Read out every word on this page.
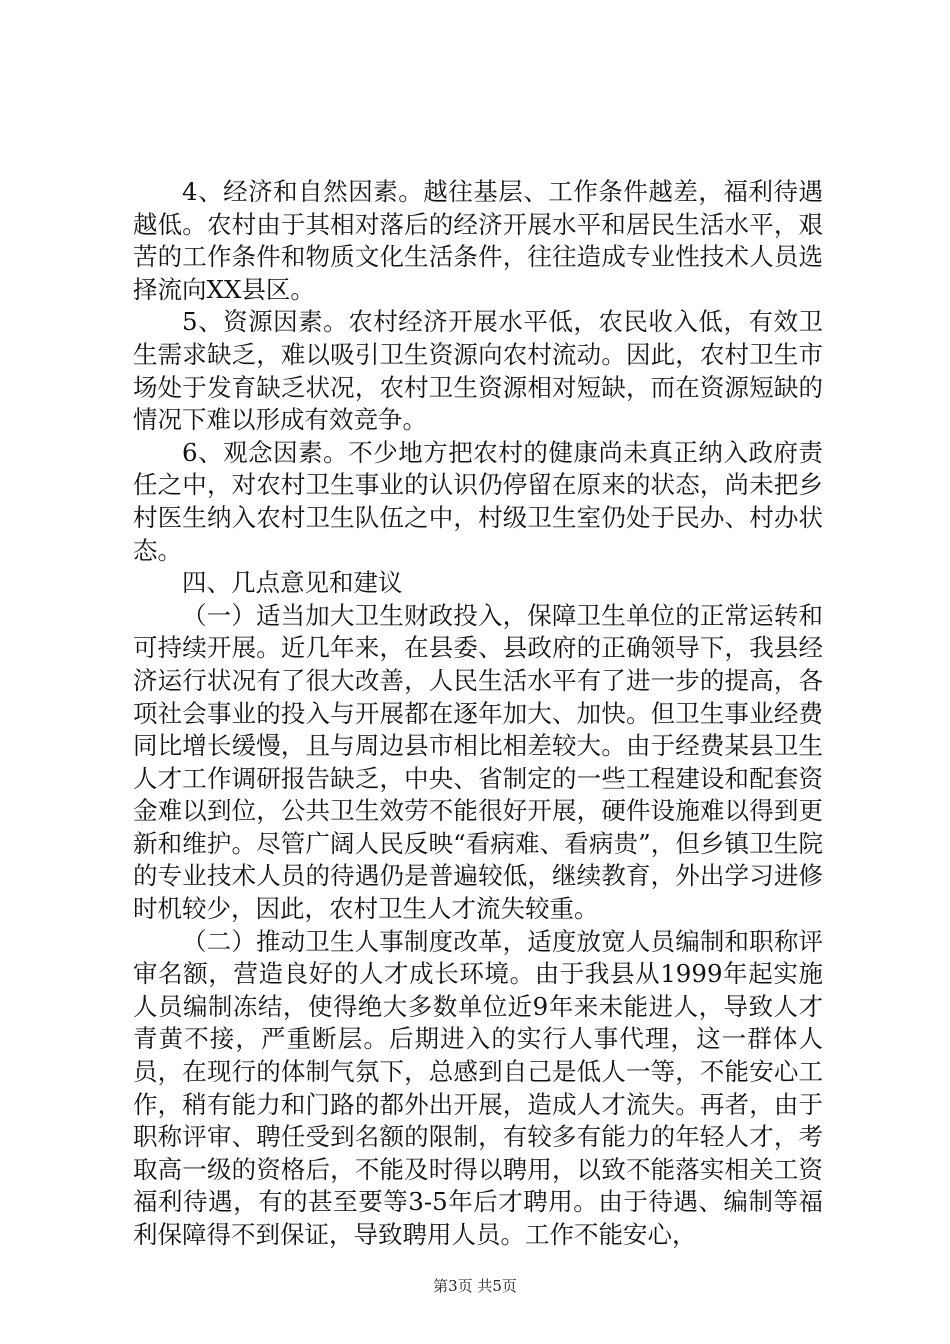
4、经济和自然因素。越往基层、工作条件越差，福利待遇越低。农村由于其相对落后的经济开展水平和居民生活水平，艰苦的工作条件和物质文化生活条件，往往造成专业性技术人员选择流向XX县区。

5、资源因素。农村经济开展水平低，农民收入低，有效卫生需求缺乏，难以吸引卫生资源向农村流动。因此，农村卫生市场处于发育缺乏状况，农村卫生资源相对短缺，而在资源短缺的情况下难以形成有效竞争。

6、观念因素。不少地方把农村的健康尚未真正纳入政府责任之中，对农村卫生事业的认识仍停留在原来的状态，尚未把乡村医生纳入农村卫生队伍之中，村级卫生室仍处于民办、村办状态。

四、几点意见和建议

（一）适当加大卫生财政投入，保障卫生单位的正常运转和可持续开展。近几年来，在县委、县政府的正确领导下，我县经济运行状况有了很大改善，人民生活水平有了进一步的提高，各项社会事业的投入与开展都在逐年加大、加快。但卫生事业经费同比增长缓慢，且与周边县市相比相差较大。由于经费某县卫生人才工作调研报告缺乏，中央、省制定的一些工程建设和配套资金难以到位，公共卫生效劳不能很好开展，硬件设施难以得到更新和维护。尽管广阔人民反映“看病难、看病贵”，但乡镇卫生院的专业技术人员的待遇仍是普遍较低，继续教育，外出学习进修时机较少，因此，农村卫生人才流失较重。

（二）推动卫生人事制度改革，适度放宽人员编制和职称评审名额，营造良好的人才成长环境。由于我县从1999年起实施人员编制冻结，使得绝大多数单位近9年来未能进人，导致人才青黄不接，严重断层。后期进入的实行人事代理，这一群体人员，在现行的体制气氛下，总感到自己是低人一等，不能安心工作，稍有能力和门路的都外出开展，造成人才流失。再者，由于职称评审、聘任受到名额的限制，有较多有能力的年轻人才，考取高一级的资格后，不能及时得以聘用，以致不能落实相关工资福利待遇，有的甚至要等3-5年后才聘用。由于待遇、编制等福利保障得不到保证，导致聘用人员。工作不能安心，

第3页 共5页
